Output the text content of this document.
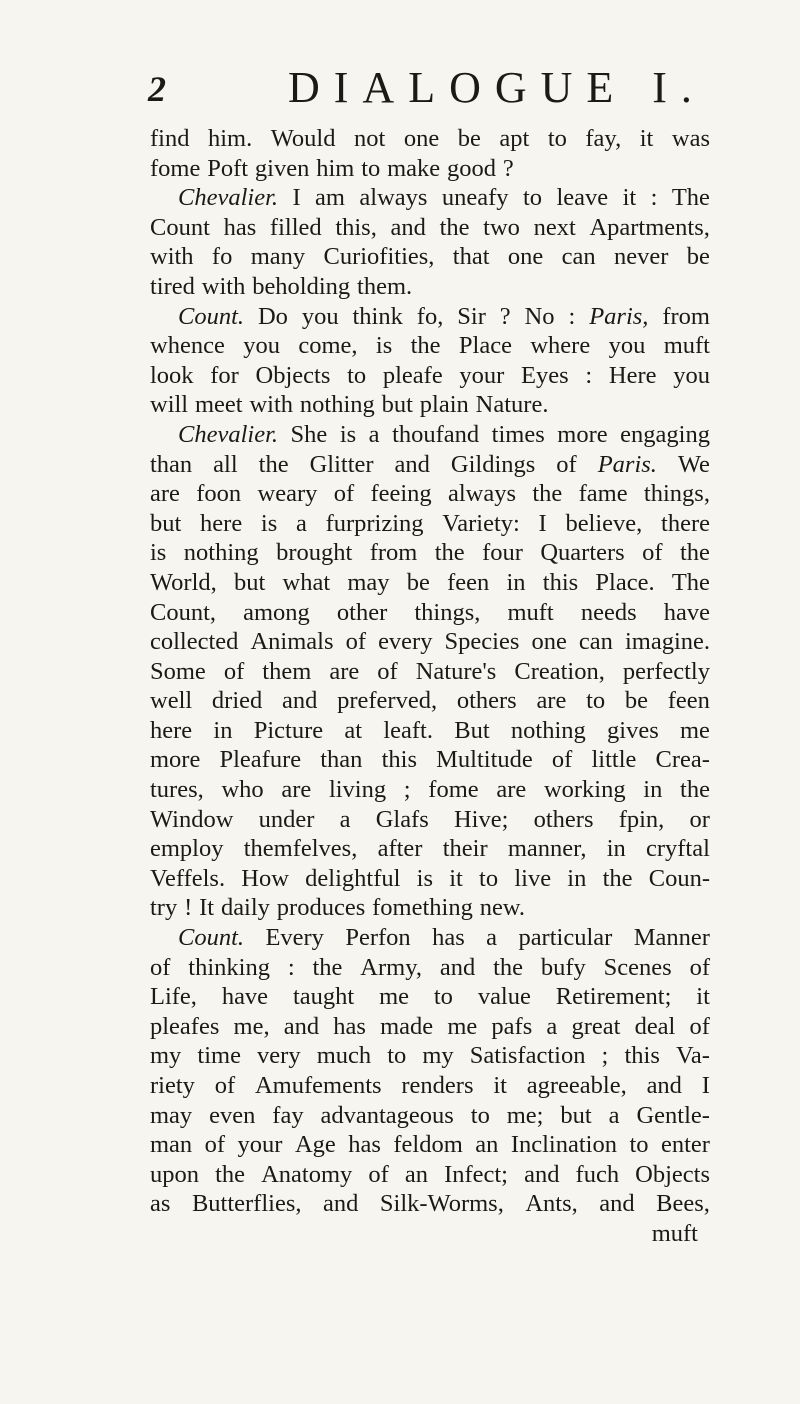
2	DIALOGUE I.
find him. Would not one be apt to fay, it was
fome Poft given him to make good ?
Chevalier. I am always uneafy to leave it : The
Count has filled this, and the two next Apartments,
with fo many Curiofities, that one can never be
tired with beholding them.
Count. Do you think fo, Sir ? No : Paris, from
whence you come, is the Place where you muft
look for Objects to pleafe your Eyes : Here you
will meet with nothing but plain Nature.
Chevalier. She is a thoufand times more engaging
than all the Glitter and Gildings of Paris. We
are foon weary of feeing always the fame things,
but here is a furprizing Variety: I believe, there
is nothing brought from the four Quarters of the
World, but what may be feen in this Place. The
Count, among other things, muft needs have
collected Animals of every Species one can imagine.
Some of them are of Nature's Creation, perfectly
well dried and preferved, others are to be feen
here in Picture at leaft. But nothing gives me
more Pleafure than this Multitude of little Crea-
tures, who are living ; fome are working in the
Window under a Glafs Hive; others fpin, or
employ themfelves, after their manner, in cryftal
Veffels. How delightful is it to live in the Coun-
try ! It daily produces fomething new.
Count. Every Perfon has a particular Manner
of thinking : the Army, and the bufy Scenes of
Life, have taught me to value Retirement; it
pleafes me, and has made me pafs a great deal of
my time very much to my Satisfaction ; this Va-
riety of Amufements renders it agreeable, and I
may even fay advantageous to me; but a Gentle-
man of your Age has feldom an Inclination to enter
upon the Anatomy of an Infect; and fuch Objects
as Butterflies, and Silk-Worms, Ants, and Bees,
muft
